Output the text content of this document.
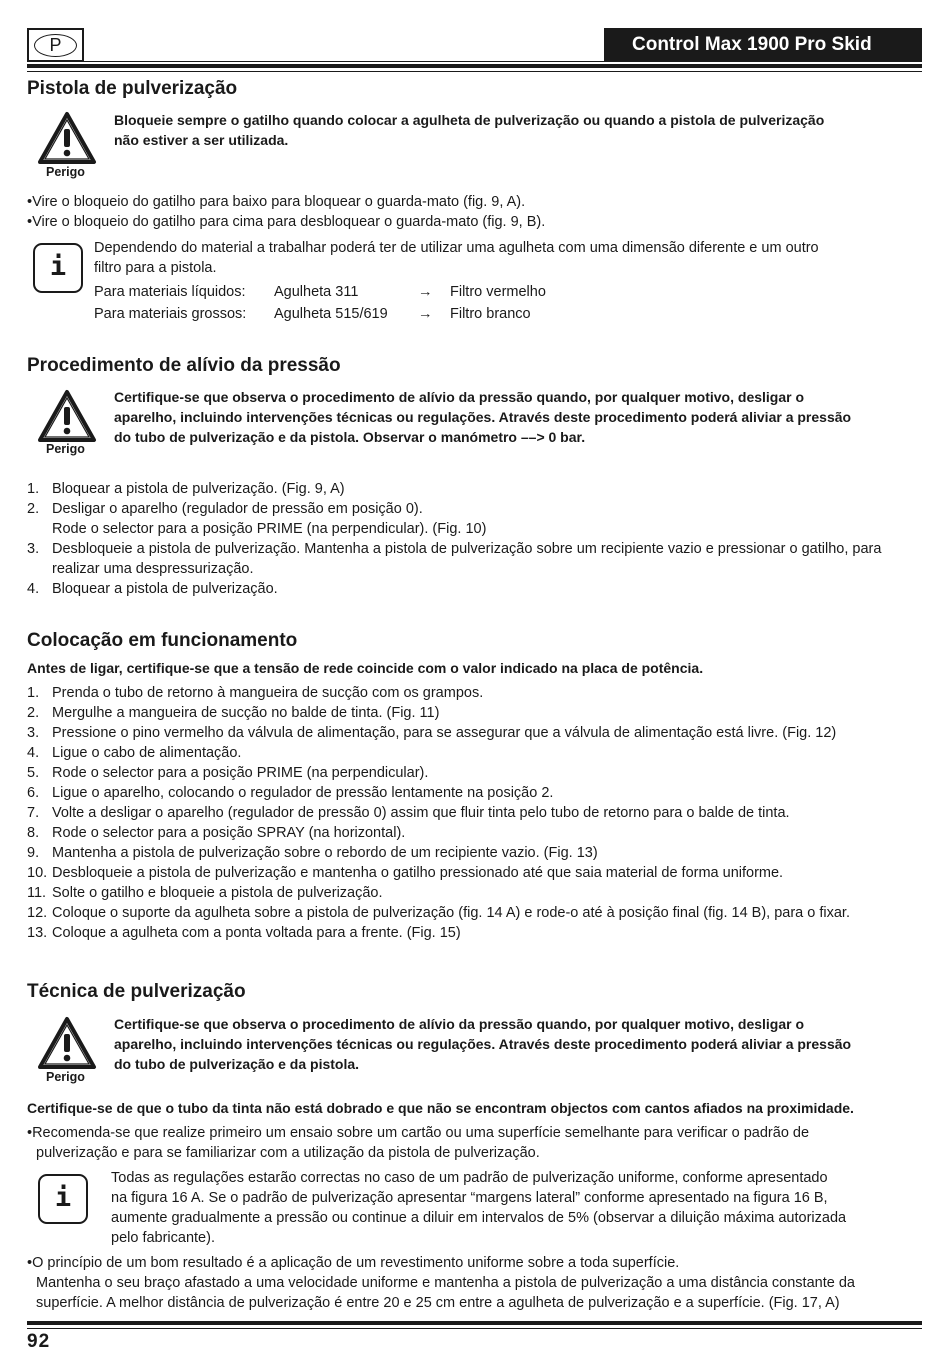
P	Control Max 1900 Pro Skid
Pistola de pulverização
Perigo
Bloqueie sempre o gatilho quando colocar a agulheta de pulverização ou quando a pistola de pulverização
não estiver a ser utilizada.
•Vire o bloqueio do gatilho para baixo para bloquear o guarda-mato (fig. 9, A).
•Vire o bloqueio do gatilho para cima para desbloquear o guarda-mato (fig. 9, B).
i
Dependendo do material a trabalhar poderá ter de utilizar uma agulheta com uma dimensão diferente e um outro
filtro para a pistola.
Para materiais líquidos: Agulheta 311	→ Filtro vermelho
Para materiais grossos: Agulheta 515/619 → Filtro branco
Procedimento de alívio da pressão
Perigo
Certifique-se que observa o procedimento de alívio da pressão quando, por qualquer motivo, desligar o
aparelho, incluindo intervenções técnicas ou regulações. Através deste procedimento poderá aliviar a pressão
do tubo de pulverização e da pistola. Observar o manómetro ––> 0 bar.
1. Bloquear a pistola de pulverização. (Fig. 9, A)
2. Desligar o aparelho (regulador de pressão em posição 0).
Rode o selector para a posição PRIME (na perpendicular). (Fig. 10)
3. Desbloqueie a pistola de pulverização. Mantenha a pistola de pulverização sobre um recipiente vazio e pressionar o gatilho, para
realizar uma despressurização.
4. Bloquear a pistola de pulverização.
Colocação em funcionamento
Antes de ligar, certifique-se que a tensão de rede coincide com o valor indicado na placa de potência.
1. Prenda o tubo de retorno à mangueira de sucção com os grampos.
2. Mergulhe a mangueira de sucção no balde de tinta. (Fig. 11)
3. Pressione o pino vermelho da válvula de alimentação, para se assegurar que a válvula de alimentação está livre. (Fig. 12)
4. Ligue o cabo de alimentação.
5. Rode o selector para a posição PRIME (na perpendicular).
6. Ligue o aparelho, colocando o regulador de pressão lentamente na posição 2.
7. Volte a desligar o aparelho (regulador de pressão 0) assim que fluir tinta pelo tubo de retorno para o balde de tinta.
8. Rode o selector para a posição SPRAY (na horizontal).
9. Mantenha a pistola de pulverização sobre o rebordo de um recipiente vazio. (Fig. 13)
10. Desbloqueie a pistola de pulverização e mantenha o gatilho pressionado até que saia material de forma uniforme.
11. Solte o gatilho e bloqueie a pistola de pulverização.
12. Coloque o suporte da agulheta sobre a pistola de pulverização (fig. 14 A) e rode-o até à posição final (fig. 14 B), para o fixar.
13. Coloque a agulheta com a ponta voltada para a frente. (Fig. 15)
Técnica de pulverização
Perigo
Certifique-se que observa o procedimento de alívio da pressão quando, por qualquer motivo, desligar o
aparelho, incluindo intervenções técnicas ou regulações. Através deste procedimento poderá aliviar a pressão
do tubo de pulverização e da pistola.
Certifique-se de que o tubo da tinta não está dobrado e que não se encontram objectos com cantos afiados na proximidade.
•Recomenda-se que realize primeiro um ensaio sobre um cartão ou uma superfície semelhante para verificar o padrão de
pulverização e para se familiarizar com a utilização da pistola de pulverização.
i
Todas as regulações estarão correctas no caso de um padrão de pulverização uniforme, conforme apresentado
na figura 16 A. Se o padrão de pulverização apresentar “margens lateral” conforme apresentado na figura 16 B,
aumente gradualmente a pressão ou continue a diluir em intervalos de 5% (observar a diluição máxima autorizada
pelo fabricante).
•O princípio de um bom resultado é a aplicação de um revestimento uniforme sobre a toda superfície.
Mantenha o seu braço afastado a uma velocidade uniforme e mantenha a pistola de pulverização a uma distância constante da
superfície. A melhor distância de pulverização é entre 20 e 25 cm entre a agulheta de pulverização e a superfície. (Fig. 17, A)
92
